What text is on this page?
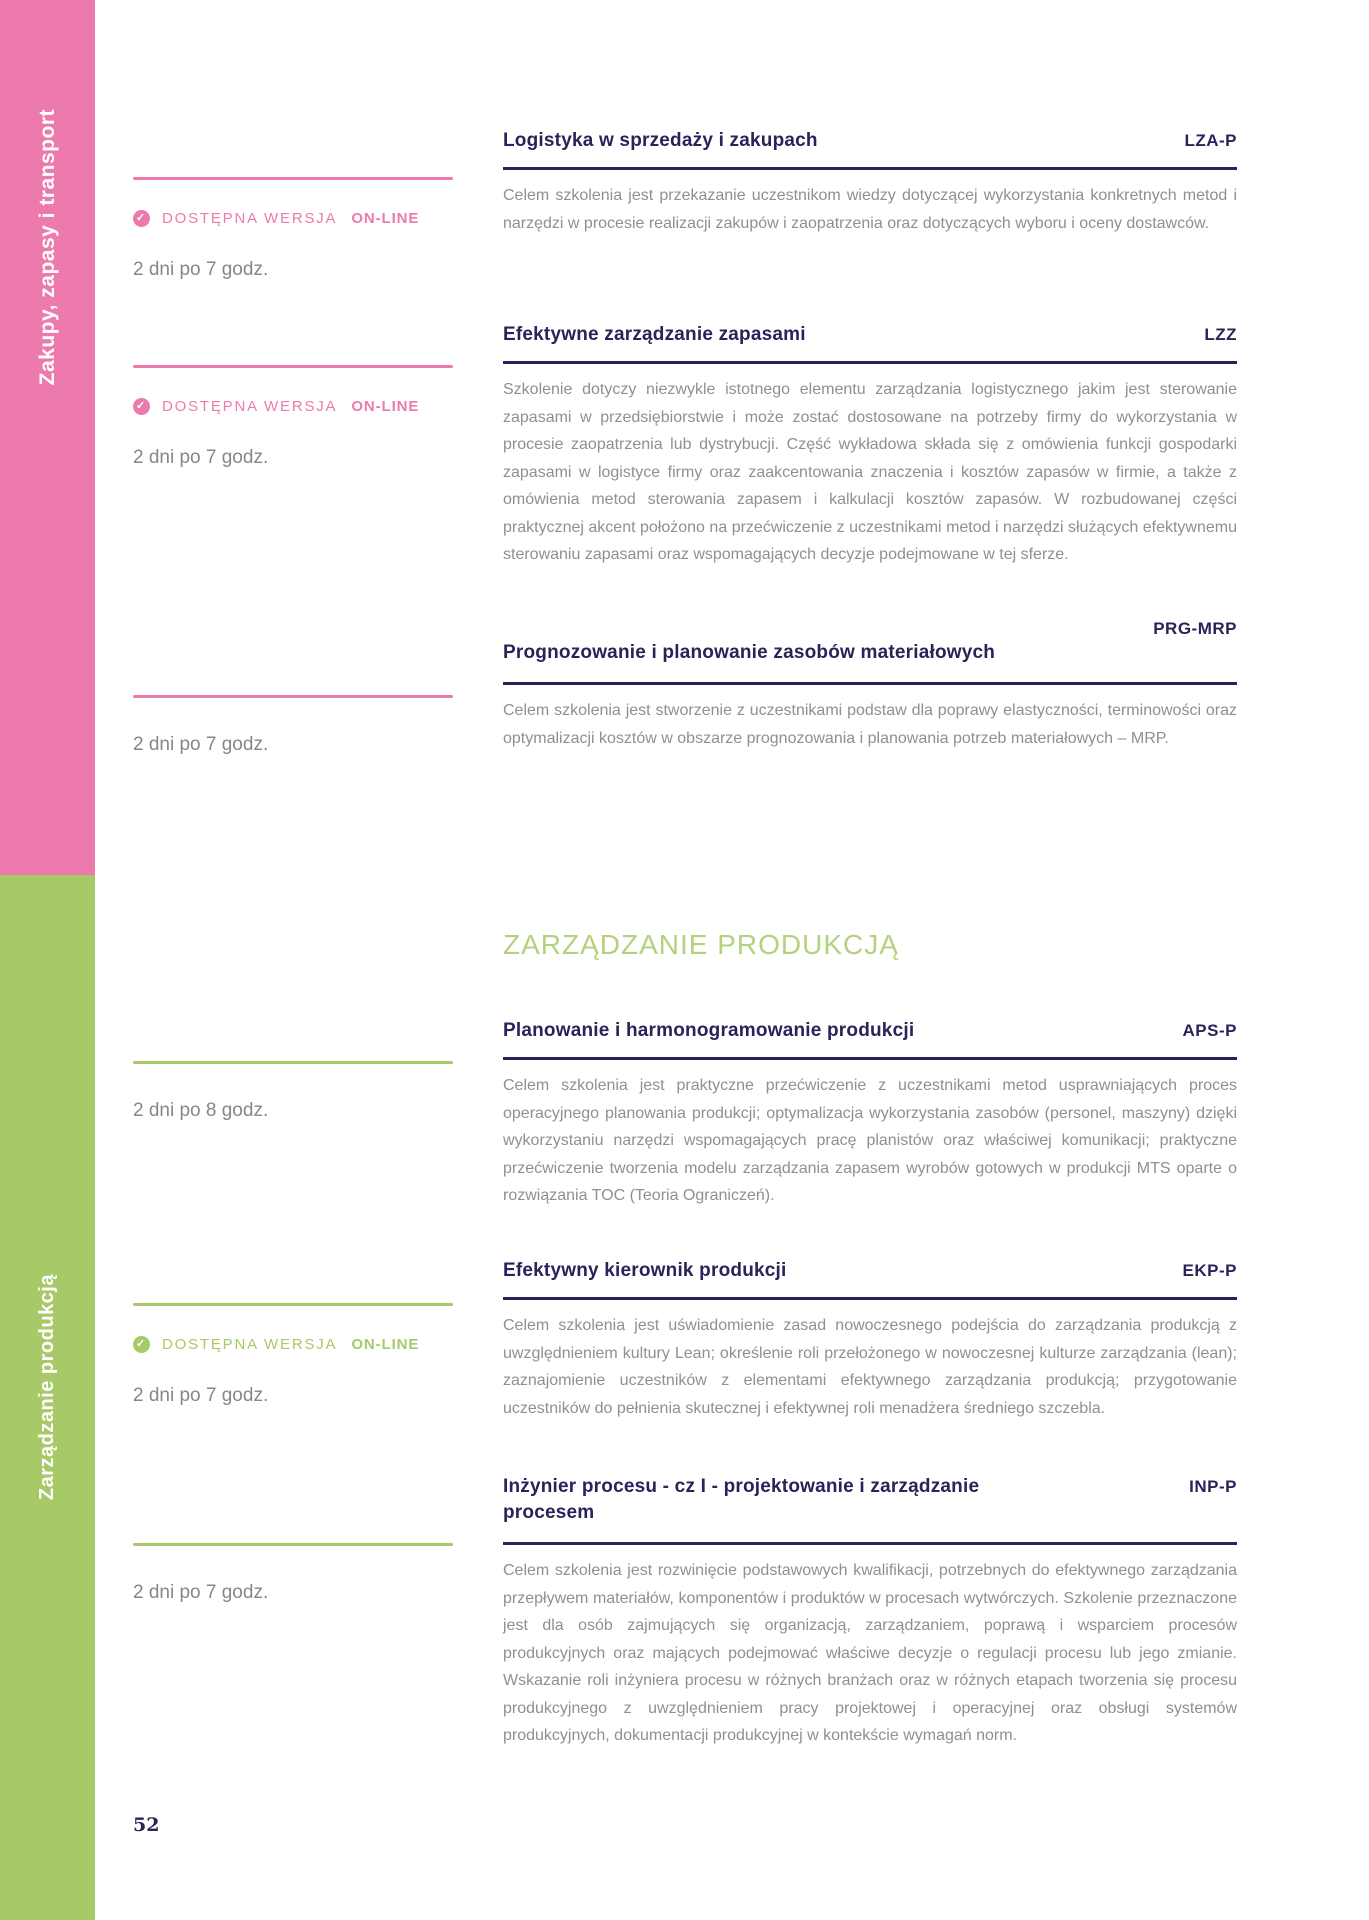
Zakupy, zapasy i transport
Zarządzanie produkcją
✓ DOSTĘPNA WERSJA ON-LINE
2 dni po 7 godz.
✓ DOSTĘPNA WERSJA ON-LINE
2 dni po 7 godz.
2 dni po 7 godz.
2 dni po 8 godz.
✓ DOSTĘPNA WERSJA ON-LINE
2 dni po 7 godz.
2 dni po 7 godz.
Logistyka w sprzedaży i zakupach	LZA-P

Celem szkolenia jest przekazanie uczestnikom wiedzy dotyczącej wykorzystania konkretnych metod i narzędzi w procesie realizacji zakupów i zaopatrzenia oraz dotyczących wyboru i oceny dostawców.

Efektywne zarządzanie zapasami	LZZ

Szkolenie dotyczy niezwykle istotnego elementu zarządzania logistycznego jakim jest sterowanie zapasami w przedsiębiorstwie i może zostać dostosowane na potrzeby firmy do wykorzystania w procesie zaopatrzenia lub dystrybucji. Część wykładowa składa się z omówienia funkcji gospodarki zapasami w logistyce firmy oraz zaakcentowania znaczenia i kosztów zapasów w firmie, a także z omówienia metod sterowania zapasem i kalkulacji kosztów zapasów. W rozbudowanej części praktycznej akcent położono na przećwiczenie z uczestnikami metod i narzędzi służących efektywnemu sterowaniu zapasami oraz wspomagających decyzje podejmowane w tej sferze.

PRG-MRP
Prognozowanie i planowanie zasobów materiałowych

Celem szkolenia jest stworzenie z uczestnikami podstaw dla poprawy elastyczności, terminowości oraz optymalizacji kosztów w obszarze prognozowania i planowania potrzeb materiałowych – MRP.

ZARZĄDZANIE PRODUKCJĄ
Planowanie i harmonogramowanie produkcji	APS-P

Celem szkolenia jest praktyczne przećwiczenie z uczestnikami metod usprawniających proces operacyjnego planowania produkcji; optymalizacja wykorzystania zasobów (personel, maszyny) dzięki wykorzystaniu narzędzi wspomagających pracę planistów oraz właściwej komunikacji; praktyczne przećwiczenie tworzenia modelu zarządzania zapasem wyrobów gotowych w produkcji MTS oparte o rozwiązania TOC (Teoria Ograniczeń).

Efektywny kierownik produkcji	EKP-P

Celem szkolenia jest uświadomienie zasad nowoczesnego podejścia do zarządzania produkcją z uwzględnieniem kultury Lean; określenie roli przełożonego w nowoczesnej kulturze zarządzania (lean); zaznajomienie uczestników z elementami efektywnego zarządzania produkcją; przygotowanie uczestników do pełnienia skutecznej i efektywnej roli menadżera średniego szczebla.

Inżynier procesu - cz I - projektowanie i zarządzanie procesem
INP-P

Celem szkolenia jest rozwinięcie podstawowych kwalifikacji, potrzebnych do efektywnego zarządzania przepływem materiałów, komponentów i produktów w procesach wytwórczych. Szkolenie przeznaczone jest dla osób zajmujących się organizacją, zarządzaniem, poprawą i wsparciem procesów produkcyjnych oraz mających podejmować właściwe decyzje o regulacji procesu lub jego zmianie. Wskazanie roli inżyniera procesu w różnych branżach oraz w różnych etapach tworzenia się procesu produkcyjnego z uwzględnieniem pracy projektowej i operacyjnej oraz obsługi systemów produkcyjnych, dokumentacji produkcyjnej w kontekście wymagań norm.

52
